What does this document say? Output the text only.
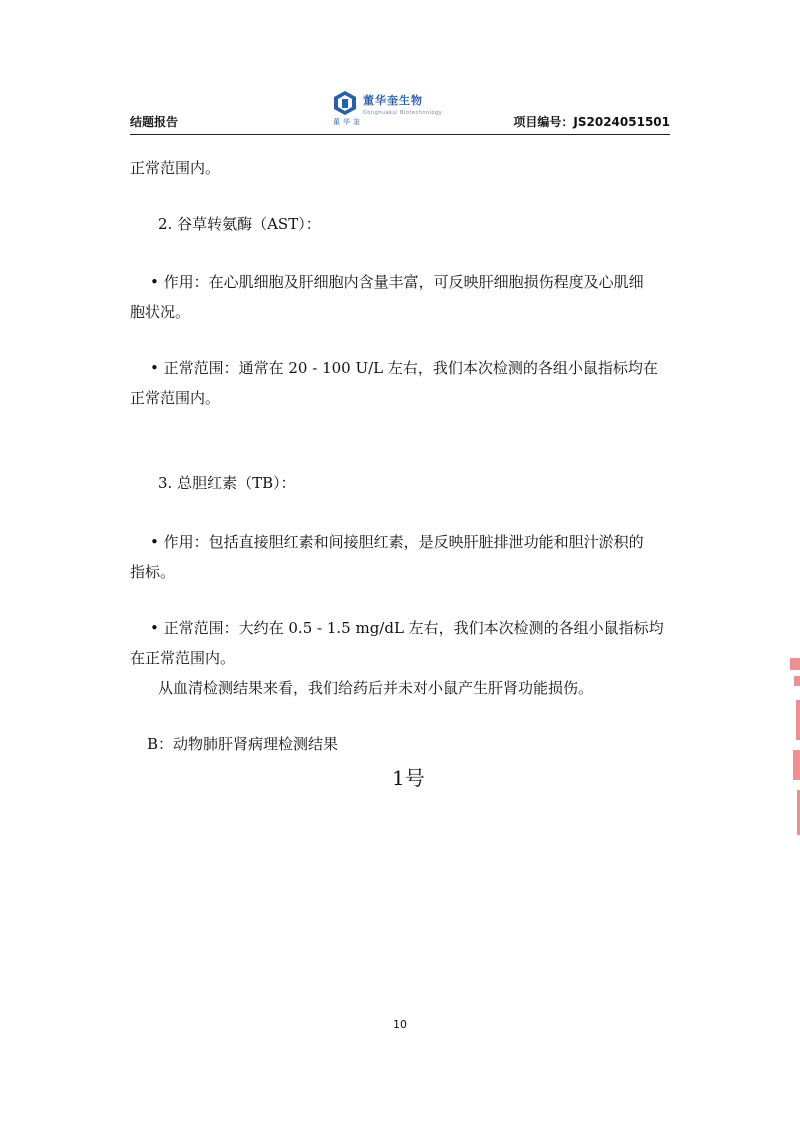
结题报告
董华奎生物
Donghuakui Biotechnology
董华奎	项目编号：JS2024051501

正常范围内。

2. 谷草转氨酶（AST）：

• 作用：在心肌细胞及肝细胞内含量丰富，可反映肝细胞损伤程度及心肌细

胞状况。

• 正常范围：通常在 20 - 100 U/L 左右，我们本次检测的各组小鼠指标均在

正常范围内。

3. 总胆红素（TB）：

• 作用：包括直接胆红素和间接胆红素，是反映肝脏排泄功能和胆汁淤积的

指标。

• 正常范围：大约在 0.5 - 1.5 mg/dL 左右，我们本次检测的各组小鼠指标均

在正常范围内。

从血清检测结果来看，我们给药后并未对小鼠产生肝肾功能损伤。

B：动物肺肝肾病理检测结果

1号
10
